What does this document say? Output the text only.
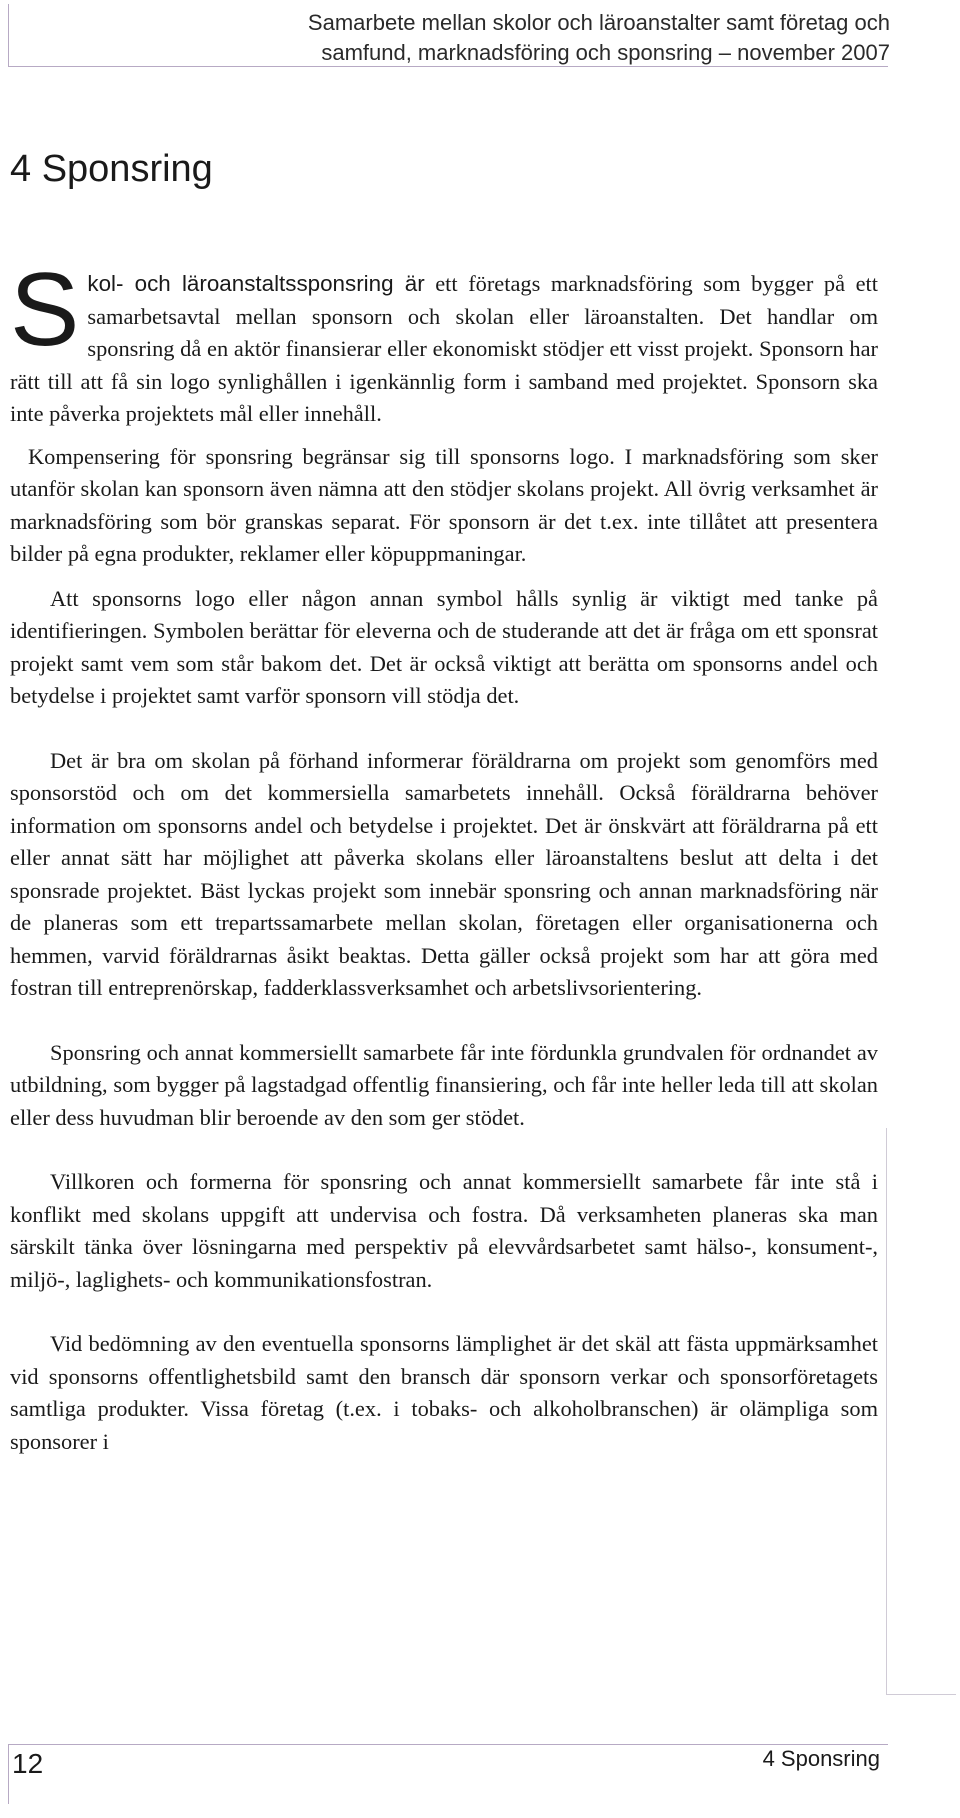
Samarbete mellan skolor och läroanstalter samt företag och
samfund, marknadsföring och sponsring – november 2007
4 Sponsring

Skol- och läroanstaltssponsring är ett företags marknadsföring som bygger på ett samarbetsavtal mellan sponsorn och skolan eller läroanstalten. Det handlar om sponsring då en aktör finansierar eller ekonomiskt stödjer ett visst projekt. Sponsorn har rätt till att få sin logo synlighållen i igenkännlig form i samband med projektet. Sponsorn ska inte påverka projektets mål eller innehåll.

Kompensering för sponsring begränsar sig till sponsorns logo. I marknadsföring som sker utanför skolan kan sponsorn även nämna att den stödjer skolans projekt. All övrig verksamhet är marknadsföring som bör granskas separat. För sponsorn är det t.ex. inte tillåtet att presentera bilder på egna produkter, reklamer eller köpuppmaningar.

Att sponsorns logo eller någon annan symbol hålls synlig är viktigt med tanke på identifieringen. Symbolen berättar för eleverna och de studerande att det är fråga om ett sponsrat projekt samt vem som står bakom det. Det är också viktigt att berätta om sponsorns andel och betydelse i projektet samt varför sponsorn vill stödja det.

Det är bra om skolan på förhand informerar föräldrarna om projekt som genomförs med sponsorstöd och om det kommersiella samarbetets innehåll. Också föräldrarna behöver information om sponsorns andel och betydelse i projektet. Det är önskvärt att föräldrarna på ett eller annat sätt har möjlighet att påverka skolans eller läroanstaltens beslut att delta i det sponsrade projektet. Bäst lyckas projekt som innebär sponsring och annan marknadsföring när de planeras som ett trepartssamarbete mellan skolan, företagen eller organisationerna och hemmen, varvid föräldrarnas åsikt beaktas. Detta gäller också projekt som har att göra med fostran till entreprenörskap, fadderklassverksamhet och arbetslivsorientering.

Sponsring och annat kommersiellt samarbete får inte fördunkla grundvalen för ordnandet av utbildning, som bygger på lagstadgad offentlig finansiering, och får inte heller leda till att skolan eller dess huvudman blir beroende av den som ger stödet.

Villkoren och formerna för sponsring och annat kommersiellt samarbete får inte stå i konflikt med skolans uppgift att undervisa och fostra. Då verksamheten planeras ska man särskilt tänka över lösningarna med perspektiv på elevvårdsarbetet samt hälso-, konsument-, miljö-, laglighets- och kommunikationsfostran.

Vid bedömning av den eventuella sponsorns lämplighet är det skäl att fästa uppmärksamhet vid sponsorns offentlighetsbild samt den bransch där sponsorn verkar och sponsorföretagets samtliga produkter. Vissa företag (t.ex. i tobaks- och alkoholbranschen) är olämpliga som sponsorer i

12	4 Sponsring
